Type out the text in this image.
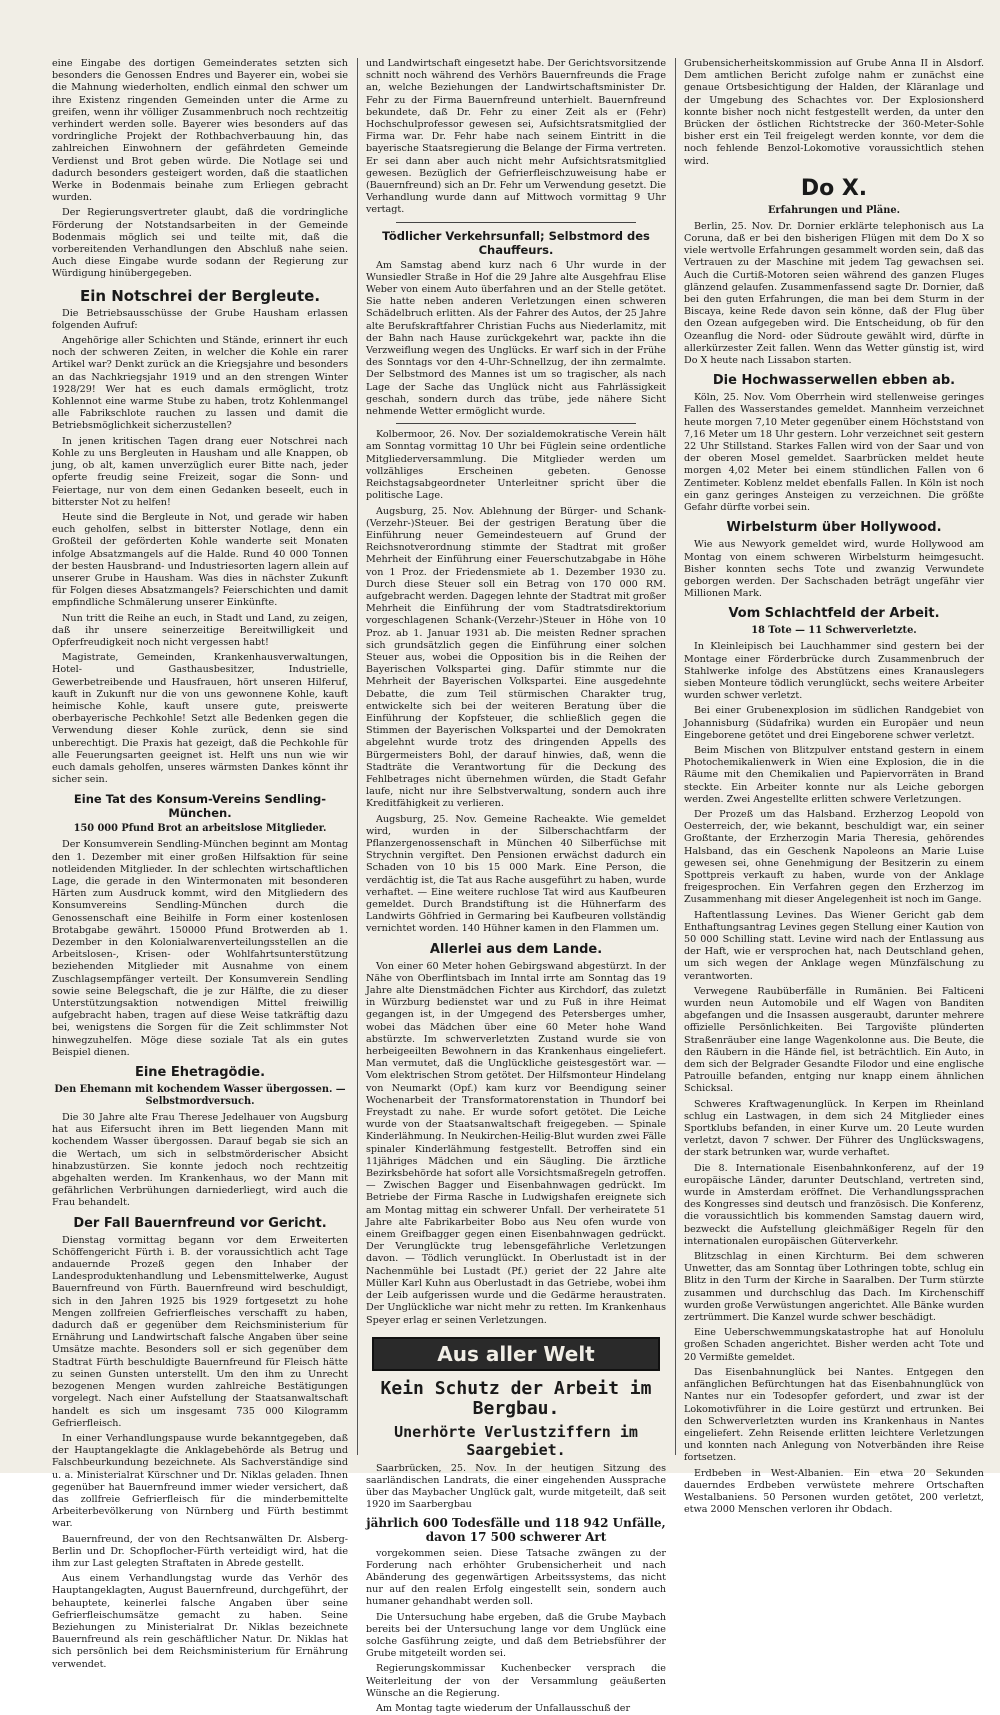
eine Eingabe des dortigen Gemeinderates setzten sich besonders die Genossen Endres und Bayerer ein, wobei sie die Mahnung wiederholten, endlich einmal den schwer um ihre Existenz ringenden Gemeinden unter die Arme zu greifen, wenn ihr völliger Zusammenbruch noch rechtzeitig verhindert werden solle. Bayerer wies besonders auf das vordringliche Projekt der Rothbachverbauung hin, das zahlreichen Einwohnern der gefährdeten Gemeinde Verdienst und Brot geben würde. Die Notlage sei und dadurch besonders gesteigert worden, daß die staatlichen Werke in Bodenmais beinahe zum Erliegen gebracht wurden.

Der Regierungsvertreter glaubt, daß die vordringliche Förderung der Notstandsarbeiten in der Gemeinde Bodenmais möglich sei und teilte mit, daß die vorbereitenden Verhandlungen den Abschluß nahe seien. Auch diese Eingabe wurde sodann der Regierung zur Würdigung hinübergegeben.

Ein Notschrei der Bergleute.

Die Betriebsausschüsse der Grube Hausham erlassen folgenden Aufruf:

Angehörige aller Schichten und Stände, erinnert ihr euch noch der schweren Zeiten, in welcher die Kohle ein rarer Artikel war? Denkt zurück an die Kriegsjahre und besonders an das Nachkriegsjahr 1919 und an den strengen Winter 1928/29! Wer hat es euch damals ermöglicht, trotz Kohlennot eine warme Stube zu haben, trotz Kohlenmangel alle Fabrikschlote rauchen zu lassen und damit die Betriebsmöglichkeit sicherzustellen?

In jenen kritischen Tagen drang euer Notschrei nach Kohle zu uns Bergleuten in Hausham und alle Knappen, ob jung, ob alt, kamen unverzüglich eurer Bitte nach, jeder opferte freudig seine Freizeit, sogar die Sonn- und Feiertage, nur von dem einen Gedanken beseelt, euch in bitterster Not zu helfen!

Heute sind die Bergleute in Not, und gerade wir haben euch geholfen, selbst in bitterster Notlage, denn ein Großteil der geförderten Kohle wanderte seit Monaten infolge Absatzmangels auf die Halde. Rund 40 000 Tonnen der besten Hausbrand- und Industriesorten lagern allein auf unserer Grube in Hausham. Was dies in nächster Zukunft für Folgen dieses Absatzmangels? Feierschichten und damit empfindliche Schmälerung unserer Einkünfte.

Nun tritt die Reihe an euch, in Stadt und Land, zu zeigen, daß ihr unsere seinerzeitige Bereitwilligkeit und Opferfreudigkeit noch nicht vergessen habt!

Magistrate, Gemeinden, Krankenhausverwaltungen, Hotel- und Gasthausbesitzer, Industrielle, Gewerbetreibende und Hausfrauen, hört unseren Hilferuf, kauft in Zukunft nur die von uns gewonnene Kohle, kauft heimische Kohle, kauft unsere gute, preiswerte oberbayerische Pechkohle! Setzt alle Bedenken gegen die Verwendung dieser Kohle zurück, denn sie sind unberechtigt. Die Praxis hat gezeigt, daß die Pechkohle für alle Feuerungsarten geeignet ist. Helft uns nun wie wir euch damals geholfen, unseres wärmsten Dankes könnt ihr sicher sein.

Eine Tat des Konsum-Vereins Sendling-München.
150 000 Pfund Brot an arbeitslose Mitglieder.

Der Konsumverein Sendling-München beginnt am Montag den 1. Dezember mit einer großen Hilfsaktion für seine notleidenden Mitglieder. In der schlechten wirtschaftlichen Lage, die gerade in den Wintermonaten mit besonderen Härten zum Ausdruck kommt, wird den Mitgliedern des Konsumvereins Sendling-München durch die Genossenschaft eine Beihilfe in Form einer kostenlosen Brotabgabe gewährt. 150000 Pfund Brotwerden ab 1. Dezember in den Kolonialwarenverteilungsstellen an die Arbeitslosen-, Krisen- oder Wohlfahrtsunterstützung beziehenden Mitglieder mit Ausnahme von einem Zuschlagsempfänger verteilt. Der Konsumverein Sendling sowie seine Belegschaft, die je zur Hälfte, die zu dieser Unterstützungsaktion notwendigen Mittel freiwillig aufgebracht haben, tragen auf diese Weise tatkräftig dazu bei, wenigstens die Sorgen für die Zeit schlimmster Not hinwegzuhelfen. Möge diese soziale Tat als ein gutes Beispiel dienen.

Eine Ehetragödie.
Den Ehemann mit kochendem Wasser übergossen. — Selbstmordversuch.

Die 30 Jahre alte Frau Therese Jedelhauer von Augsburg hat aus Eifersucht ihren im Bett liegenden Mann mit kochendem Wasser übergossen. Darauf begab sie sich an die Wertach, um sich in selbstmörderischer Absicht hinabzustürzen. Sie konnte jedoch noch rechtzeitig abgehalten werden. Im Krankenhaus, wo der Mann mit gefährlichen Verbrühungen darniederliegt, wird auch die Frau behandelt.

Der Fall Bauernfreund vor Gericht.

Dienstag vormittag begann vor dem Erweiterten Schöffengericht Fürth i. B. der voraussichtlich acht Tage andauernde Prozeß gegen den Inhaber der Landesproduktenhandlung und Lebensmittelwerke, August Bauernfreund von Fürth. Bauernfreund wird beschuldigt, sich in den Jahren 1925 bis 1929 fortgesetzt zu hohe Mengen zollfreien Gefrierfleisches verschafft zu haben, dadurch daß er gegenüber dem Reichsministerium für Ernährung und Landwirtschaft falsche Angaben über seine Umsätze machte. Besonders soll er sich gegenüber dem Stadtrat Fürth beschuldigte Bauernfreund für Fleisch hätte zu seinen Gunsten unterstellt. Um den ihm zu Unrecht bezogenen Mengen wurden zahlreiche Bestätigungen vorgelegt. Nach einer Aufstellung der Staatsanwaltschaft handelt es sich um insgesamt 735 000 Kilogramm Gefrierfleisch.

In einer Verhandlungspause wurde bekanntgegeben, daß der Hauptangeklagte die Anklagebehörde als Betrug und Falschbeurkundung bezeichnete. Als Sachverständige sind u. a. Ministerialrat Kürschner und Dr. Niklas geladen. Ihnen gegenüber hat Bauernfreund immer wieder versichert, daß das zollfreie Gefrierfleisch für die minderbemittelte Arbeiterbevölkerung von Nürnberg und Fürth bestimmt war.

Bauernfreund, der von den Rechtsanwälten Dr. Alsberg-Berlin und Dr. Schopflocher-Fürth verteidigt wird, hat die ihm zur Last gelegten Straftaten in Abrede gestellt.

Aus einem Verhandlungstag wurde das Verhör des Hauptangeklagten, August Bauernfreund, durchgeführt, der behauptete, keinerlei falsche Angaben über seine Gefrierfleischumsätze gemacht zu haben. Seine Beziehungen zu Ministerialrat Dr. Niklas bezeichnete Bauernfreund als rein geschäftlicher Natur. Dr. Niklas hat sich persönlich bei dem Reichsministerium für Ernährung verwendet.

und Landwirtschaft eingesetzt habe. Der Gerichtsvorsitzende schnitt noch während des Verhörs Bauernfreunds die Frage an, welche Beziehungen der Landwirtschaftsminister Dr. Fehr zu der Firma Bauernfreund unterhielt. Bauernfreund bekundete, daß Dr. Fehr zu einer Zeit als er (Fehr) Hochschulprofessor gewesen sei, Aufsichtsratsmitglied der Firma war. Dr. Fehr habe nach seinem Eintritt in die bayerische Staatsregierung die Belange der Firma vertreten. Er sei dann aber auch nicht mehr Aufsichtsratsmitglied gewesen. Bezüglich der Gefrierfleischzuweisung habe er (Bauernfreund) sich an Dr. Fehr um Verwendung gesetzt. Die Verhandlung wurde dann auf Mittwoch vormittag 9 Uhr vertagt.

Tödlicher Verkehrsunfall; Selbstmord des Chauffeurs.

Am Samstag abend kurz nach 6 Uhr wurde in der Wunsiedler Straße in Hof die 29 Jahre alte Ausgehfrau Elise Weber von einem Auto überfahren und an der Stelle getötet. Sie hatte neben anderen Verletzungen einen schweren Schädelbruch erlitten. Als der Fahrer des Autos, der 25 Jahre alte Berufskraftfahrer Christian Fuchs aus Niederlamitz, mit der Bahn nach Hause zurückgekehrt war, packte ihn die Verzweiflung wegen des Unglücks. Er warf sich in der Frühe des Sonntags vor den 4-Uhr-Schnellzug, der ihn zermalmte. Der Selbstmord des Mannes ist um so tragischer, als nach Lage der Sache das Unglück nicht aus Fahrlässigkeit geschah, sondern durch das trübe, jede nähere Sicht nehmende Wetter ermöglicht wurde.

Kolbermoor, 26. Nov. Der sozialdemokratische Verein hält am Sonntag vormittag 10 Uhr bei Füglein seine ordentliche Mitgliederversammlung. Die Mitglieder werden um vollzähliges Erscheinen gebeten. Genosse Reichstagsabgeordneter Unterleitner spricht über die politische Lage.

Augsburg, 25. Nov. Ablehnung der Bürger- und Schank-(Verzehr-)Steuer. Bei der gestrigen Beratung über die Einführung neuer Gemeindesteuern auf Grund der Reichsnotverordnung stimmte der Stadtrat mit großer Mehrheit der Einführung einer Feuerschutzabgabe in Höhe von 1 Proz. der Friedensmiete ab 1. Dezember 1930 zu. Durch diese Steuer soll ein Betrag von 170 000 RM. aufgebracht werden. Dagegen lehnte der Stadtrat mit großer Mehrheit die Einführung der vom Stadtratsdirektorium vorgeschlagenen Schank-(Verzehr-)Steuer in Höhe von 10 Proz. ab 1. Januar 1931 ab. Die meisten Redner sprachen sich grundsätzlich gegen die Einführung einer solchen Steuer aus, wobei die Opposition bis in die Reihen der Bayerischen Volkspartei ging. Dafür stimmte nur die Mehrheit der Bayerischen Volkspartei. Eine ausgedehnte Debatte, die zum Teil stürmischen Charakter trug, entwickelte sich bei der weiteren Beratung über die Einführung der Kopfsteuer, die schließlich gegen die Stimmen der Bayerischen Volkspartei und der Demokraten abgelehnt wurde trotz des dringenden Appells des Bürgermeisters Bohl, der darauf hinwies, daß, wenn die Stadträte die Verantwortung für die Deckung des Fehlbetrages nicht übernehmen würden, die Stadt Gefahr laufe, nicht nur ihre Selbstverwaltung, sondern auch ihre Kreditfähigkeit zu verlieren.

Augsburg, 25. Nov. Gemeine Racheakte. Wie gemeldet wird, wurden in der Silberschachtfarm der Pflanzergenossenschaft in München 40 Silberfüchse mit Strychnin vergiftet. Den Pensionen erwächst dadurch ein Schaden von 10 bis 15 000 Mark. Eine Person, die verdächtig ist, die Tat aus Rache ausgeführt zu haben, wurde verhaftet. — Eine weitere ruchlose Tat wird aus Kaufbeuren gemeldet. Durch Brandstiftung ist die Hühnerfarm des Landwirts Göhfried in Germaring bei Kaufbeuren vollständig vernichtet worden. 140 Hühner kamen in den Flammen um.

Allerlei aus dem Lande.

Von einer 60 Meter hohen Gebirgswand abgestürzt. In der Nähe von Oberflintsbach im Inntal irrte am Sonntag das 19 Jahre alte Dienstmädchen Fichter aus Kirchdorf, das zuletzt in Würzburg bedienstet war und zu Fuß in ihre Heimat gegangen ist, in der Umgegend des Petersberges umher, wobei das Mädchen über eine 60 Meter hohe Wand abstürzte. Im schwerverletzten Zustand wurde sie von herbeigeeilten Bewohnern in das Krankenhaus eingeliefert. Man vermutet, daß die Unglückliche geistesgestört war. — Vom elektrischen Strom getötet. Der Hilfsmonteur Hindelang von Neumarkt (Opf.) kam kurz vor Beendigung seiner Wochenarbeit der Transformatorenstation in Thundorf bei Freystadt zu nahe. Er wurde sofort getötet. Die Leiche wurde von der Staatsanwaltschaft freigegeben. — Spinale Kinderlähmung. In Neukirchen-Heilig-Blut wurden zwei Fälle spinaler Kinderlähmung festgestellt. Betroffen sind ein 11jähriges Mädchen und ein Säugling. Die ärztliche Bezirksbehörde hat sofort alle Vorsichtsmaßregeln getroffen. — Zwischen Bagger und Eisenbahnwagen gedrückt. Im Betriebe der Firma Rasche in Ludwigshafen ereignete sich am Montag mittag ein schwerer Unfall. Der verheiratete 51 Jahre alte Fabrikarbeiter Bobo aus Neu ofen wurde von einem Greifbagger gegen einen Eisenbahnwagen gedrückt. Der Verunglückte trug lebensgefährliche Verletzungen davon. — Tödlich verunglückt. In Oberlustadt ist in der Nachenmühle bei Lustadt (Pf.) geriet der 22 Jahre alte Müller Karl Kuhn aus Oberlustadt in das Getriebe, wobei ihm der Leib aufgerissen wurde und die Gedärme heraustraten. Der Unglückliche war nicht mehr zu retten. Im Krankenhaus Speyer erlag er seinen Verletzungen.

Aus aller Welt
Kein Schutz der Arbeit im Bergbau.
Unerhörte Verlustziffern im Saargebiet.

Saarbrücken, 25. Nov. In der heutigen Sitzung des saarländischen Landrats, die einer eingehenden Aussprache über das Maybacher Unglück galt, wurde mitgeteilt, daß seit 1920 im Saarbergbau

jährlich 600 Todesfälle und 118 942 Unfälle, davon 17 500 schwerer Art

vorgekommen seien. Diese Tatsache zwängen zu der Forderung nach erhöhter Grubensicherheit und nach Abänderung des gegenwärtigen Arbeitssystems, das nicht nur auf den realen Erfolg eingestellt sein, sondern auch humaner gehandhabt werden soll.

Die Untersuchung habe ergeben, daß die Grube Maybach bereits bei der Untersuchung lange vor dem Unglück eine solche Gasführung zeigte, und daß dem Betriebsführer der Grube mitgeteilt worden sei.

Regierungskommissar Kuchenbecker versprach die Weiterleitung der von der Versammlung geäußerten Wünsche an die Regierung.

Am Montag tagte wiederum der Unfallausschuß der

Grubensicherheitskommission auf Grube Anna II in Alsdorf. Dem amtlichen Bericht zufolge nahm er zunächst eine genaue Ortsbesichtigung der Halden, der Kläranlage und der Umgebung des Schachtes vor. Der Explosionsherd konnte bisher noch nicht festgestellt werden, da unter den Brücken der östlichen Richtstrecke der 360-Meter-Sohle bisher erst ein Teil freigelegt werden konnte, vor dem die noch fehlende Benzol-Lokomotive voraussichtlich stehen wird.

Do X.
Erfahrungen und Pläne.

Berlin, 25. Nov. Dr. Dornier erklärte telephonisch aus La Coruna, daß er bei den bisherigen Flügen mit dem Do X so viele wertvolle Erfahrungen gesammelt worden sein, daß das Vertrauen zu der Maschine mit jedem Tag gewachsen sei. Auch die Curtiß-Motoren seien während des ganzen Fluges glänzend gelaufen. Zusammenfassend sagte Dr. Dornier, daß bei den guten Erfahrungen, die man bei dem Sturm in der Biscaya, keine Rede davon sein könne, daß der Flug über den Ozean aufgegeben wird. Die Entscheidung, ob für den Ozeanflug die Nord- oder Südroute gewählt wird, dürfte in allerkürzester Zeit fallen. Wenn das Wetter günstig ist, wird Do X heute nach Lissabon starten.

Die Hochwasserwellen ebben ab.

Köln, 25. Nov. Vom Oberrhein wird stellenweise geringes Fallen des Wasserstandes gemeldet. Mannheim verzeichnet heute morgen 7,10 Meter gegenüber einem Höchststand von 7,16 Meter um 18 Uhr gestern. Lohr verzeichnet seit gestern 22 Uhr Stillstand. Starkes Fallen wird von der Saar und von der oberen Mosel gemeldet. Saarbrücken meldet heute morgen 4,02 Meter bei einem stündlichen Fallen von 6 Zentimeter. Koblenz meldet ebenfalls Fallen. In Köln ist noch ein ganz geringes Ansteigen zu verzeichnen. Die größte Gefahr dürfte vorbei sein.

Wirbelsturm über Hollywood.

Wie aus Newyork gemeldet wird, wurde Hollywood am Montag von einem schweren Wirbelsturm heimgesucht. Bisher konnten sechs Tote und zwanzig Verwundete geborgen werden. Der Sachschaden beträgt ungefähr vier Millionen Mark.

Vom Schlachtfeld der Arbeit.
18 Tote — 11 Schwerverletzte.

In Kleinleipisch bei Lauchhammer sind gestern bei der Montage einer Förderbrücke durch Zusammenbruch der Stahlwerke infolge des Abstützens eines Kranauslegers sieben Monteure tödlich verunglückt, sechs weitere Arbeiter wurden schwer verletzt.

Bei einer Grubenexplosion im südlichen Randgebiet von Johannisburg (Südafrika) wurden ein Europäer und neun Eingeborene getötet und drei Eingeborene schwer verletzt.

Beim Mischen von Blitzpulver entstand gestern in einem Photochemikalienwerk in Wien eine Explosion, die in die Räume mit den Chemikalien und Papiervorräten in Brand steckte. Ein Arbeiter konnte nur als Leiche geborgen werden. Zwei Angestellte erlitten schwere Verletzungen.

Der Prozeß um das Halsband. Erzherzog Leopold von Oesterreich, der, wie bekannt, beschuldigt war, ein seiner Großtante, der Erzherzogin Maria Theresia, gehörendes Halsband, das ein Geschenk Napoleons an Marie Luise gewesen sei, ohne Genehmigung der Besitzerin zu einem Spottpreis verkauft zu haben, wurde von der Anklage freigesprochen. Ein Verfahren gegen den Erzherzog im Zusammenhang mit dieser Angelegenheit ist noch im Gange.

Haftentlassung Levines. Das Wiener Gericht gab dem Enthaftungsantrag Levines gegen Stellung einer Kaution von 50 000 Schilling statt. Levine wird nach der Entlassung aus der Haft, wie er versprochen hat, nach Deutschland gehen, um sich wegen der Anklage wegen Münzfälschung zu verantworten.

Verwegene Raubüberfälle in Rumänien. Bei Falticeni wurden neun Automobile und elf Wagen von Banditen abgefangen und die Insassen ausgeraubt, darunter mehrere offizielle Persönlichkeiten. Bei Targovište plünderten Straßenräuber eine lange Wagenkolonne aus. Die Beute, die den Räubern in die Hände fiel, ist beträchtlich. Ein Auto, in dem sich der Belgrader Gesandte Filodor und eine englische Patrouille befanden, entging nur knapp einem ähnlichen Schicksal.

Schweres Kraftwagenunglück. In Kerpen im Rheinland schlug ein Lastwagen, in dem sich 24 Mitglieder eines Sportklubs befanden, in einer Kurve um. 20 Leute wurden verletzt, davon 7 schwer. Der Führer des Unglückswagens, der stark betrunken war, wurde verhaftet.

Die 8. Internationale Eisenbahnkonferenz, auf der 19 europäische Länder, darunter Deutschland, vertreten sind, wurde in Amsterdam eröffnet. Die Verhandlungssprachen des Kongresses sind deutsch und französisch. Die Konferenz, die voraussichtlich bis kommenden Samstag dauern wird, bezweckt die Aufstellung gleichmäßiger Regeln für den internationalen europäischen Güterverkehr.

Blitzschlag in einen Kirchturm. Bei dem schweren Unwetter, das am Sonntag über Lothringen tobte, schlug ein Blitz in den Turm der Kirche in Saaralben. Der Turm stürzte zusammen und durchschlug das Dach. Im Kirchenschiff wurden große Verwüstungen angerichtet. Alle Bänke wurden zertrümmert. Die Kanzel wurde schwer beschädigt.

Eine Ueberschwemmungskatastrophe hat auf Honolulu großen Schaden angerichtet. Bisher werden acht Tote und 20 Vermißte gemeldet.

Das Eisenbahnunglück bei Nantes. Entgegen den anfänglichen Befürchtungen hat das Eisenbahnunglück von Nantes nur ein Todesopfer gefordert, und zwar ist der Lokomotivführer in die Loire gestürzt und ertrunken. Bei den Schwerverletzten wurden ins Krankenhaus in Nantes eingeliefert. Zehn Reisende erlitten leichtere Verletzungen und konnten nach Anlegung von Notverbänden ihre Reise fortsetzen.

Erdbeben in West-Albanien. Ein etwa 20 Sekunden dauerndes Erdbeben verwüstete mehrere Ortschaften Westalbaniens. 50 Personen wurden getötet, 200 verletzt, etwa 2000 Menschen verloren ihr Obdach.
